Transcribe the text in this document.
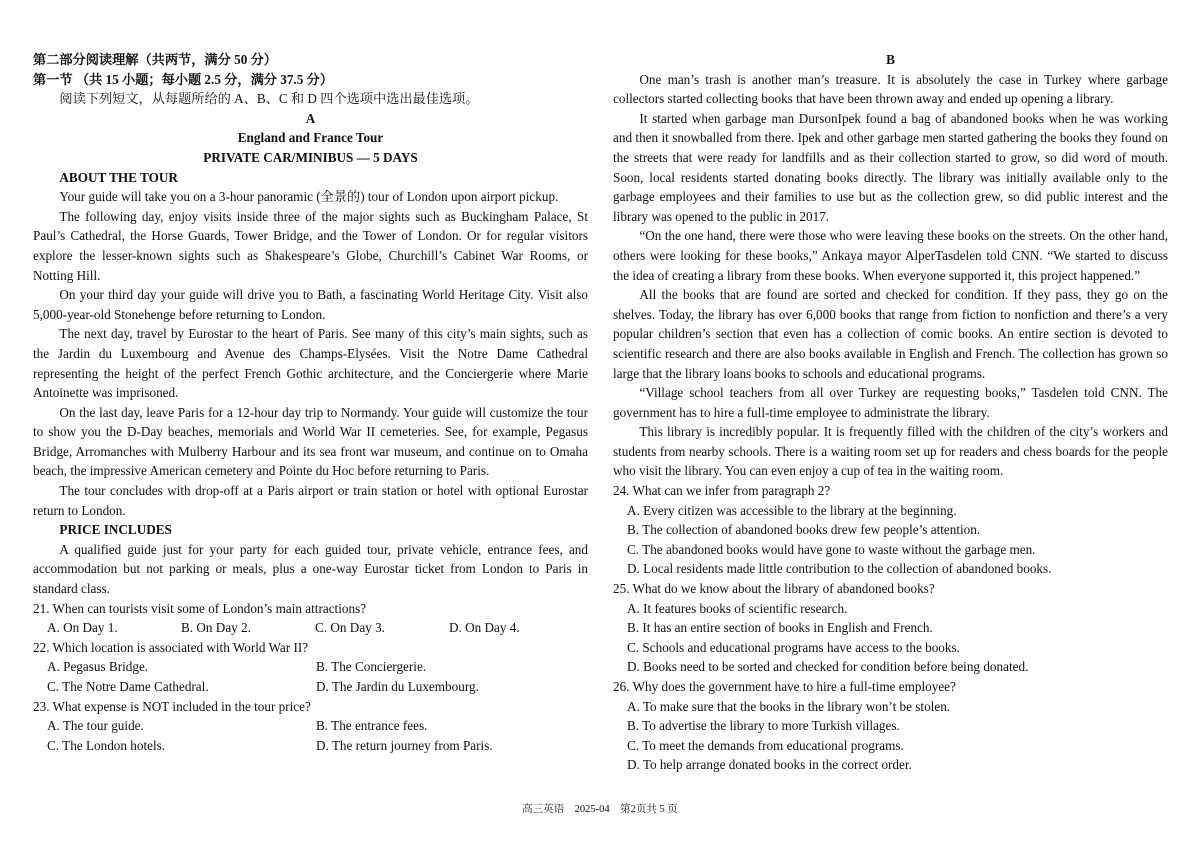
第二部分阅读理解（共两节，满分 50 分）

第一节 （共 15 小题；每小题 2.5 分，满分 37.5 分）

阅读下列短文，从每题所给的 A、B、C 和 D 四个选项中选出最佳选项。

A

England and France Tour

PRIVATE CAR/MINIBUS — 5 DAYS

ABOUT THE TOUR

Your guide will take you on a 3-hour panoramic (全景的) tour of London upon airport pickup.

The following day, enjoy visits inside three of the major sights such as Buckingham Palace, St Paul’s Cathedral, the Horse Guards, Tower Bridge, and the Tower of London. Or for regular visitors explore the lesser-known sights such as Shakespeare’s Globe, Churchill’s Cabinet War Rooms, or Notting Hill.

On your third day your guide will drive you to Bath, a fascinating World Heritage City. Visit also 5,000-year-old Stonehenge before returning to London.

The next day, travel by Eurostar to the heart of Paris. See many of this city’s main sights, such as the Jardin du Luxembourg and Avenue des Champs-Elysées. Visit the Notre Dame Cathedral representing the height of the perfect French Gothic architecture, and the Conciergerie where Marie Antoinette was imprisoned.

On the last day, leave Paris for a 12-hour day trip to Normandy. Your guide will customize the tour to show you the D-Day beaches, memorials and World War II cemeteries. See, for example, Pegasus Bridge, Arromanches with Mulberry Harbour and its sea front war museum, and continue on to Omaha beach, the impressive American cemetery and Pointe du Hoc before returning to Paris.

The tour concludes with drop-off at a Paris airport or train station or hotel with optional Eurostar return to London.

PRICE INCLUDES

A qualified guide just for your party for each guided tour, private vehicle, entrance fees, and accommodation but not parking or meals, plus a one-way Eurostar ticket from London to Paris in standard class.

21. When can tourists visit some of London’s main attractions?

A. On Day 1.	B. On Day 2.	C. On Day 3.	D. On Day 4.

22. Which location is associated with World War II?

A. Pegasus Bridge.	B. The Conciergerie.
C. The Notre Dame Cathedral.	D. The Jardin du Luxembourg.

23. What expense is NOT included in the tour price?

A. The tour guide.	B. The entrance fees.
C. The London hotels.	D. The return journey from Paris.

B

One man’s trash is another man’s treasure. It is absolutely the case in Turkey where garbage collectors started collecting books that have been thrown away and ended up opening a library.

It started when garbage man DursonIpek found a bag of abandoned books when he was working and then it snowballed from there. Ipek and other garbage men started gathering the books they found on the streets that were ready for landfills and as their collection started to grow, so did word of mouth. Soon, local residents started donating books directly. The library was initially available only to the garbage employees and their families to use but as the collection grew, so did public interest and the library was opened to the public in 2017.

“On the one hand, there were those who were leaving these books on the streets. On the other hand, others were looking for these books,” Ankaya mayor AlperTasdelen told CNN. “We started to discuss the idea of creating a library from these books. When everyone supported it, this project happened.”

All the books that are found are sorted and checked for condition. If they pass, they go on the shelves. Today, the library has over 6,000 books that range from fiction to nonfiction and there’s a very popular children’s section that even has a collection of comic books. An entire section is devoted to scientific research and there are also books available in English and French. The collection has grown so large that the library loans books to schools and educational programs.

“Village school teachers from all over Turkey are requesting books,” Tasdelen told CNN. The government has to hire a full-time employee to administrate the library.

This library is incredibly popular. It is frequently filled with the children of the city’s workers and students from nearby schools. There is a waiting room set up for readers and chess boards for the people who visit the library. You can even enjoy a cup of tea in the waiting room.

24. What can we infer from paragraph 2?

A. Every citizen was accessible to the library at the beginning.

B. The collection of abandoned books drew few people’s attention.

C. The abandoned books would have gone to waste without the garbage men.

D. Local residents made little contribution to the collection of abandoned books.

25. What do we know about the library of abandoned books?

A. It features books of scientific research.

B. It has an entire section of books in English and French.

C. Schools and educational programs have access to the books.

D. Books need to be sorted and checked for condition before being donated.

26. Why does the government have to hire a full-time employee?

A. To make sure that the books in the library won’t be stolen.

B. To advertise the library to more Turkish villages.

C. To meet the demands from educational programs.

D. To help arrange donated books in the correct order.

高三英语　2025-04　第2页共 5 页
